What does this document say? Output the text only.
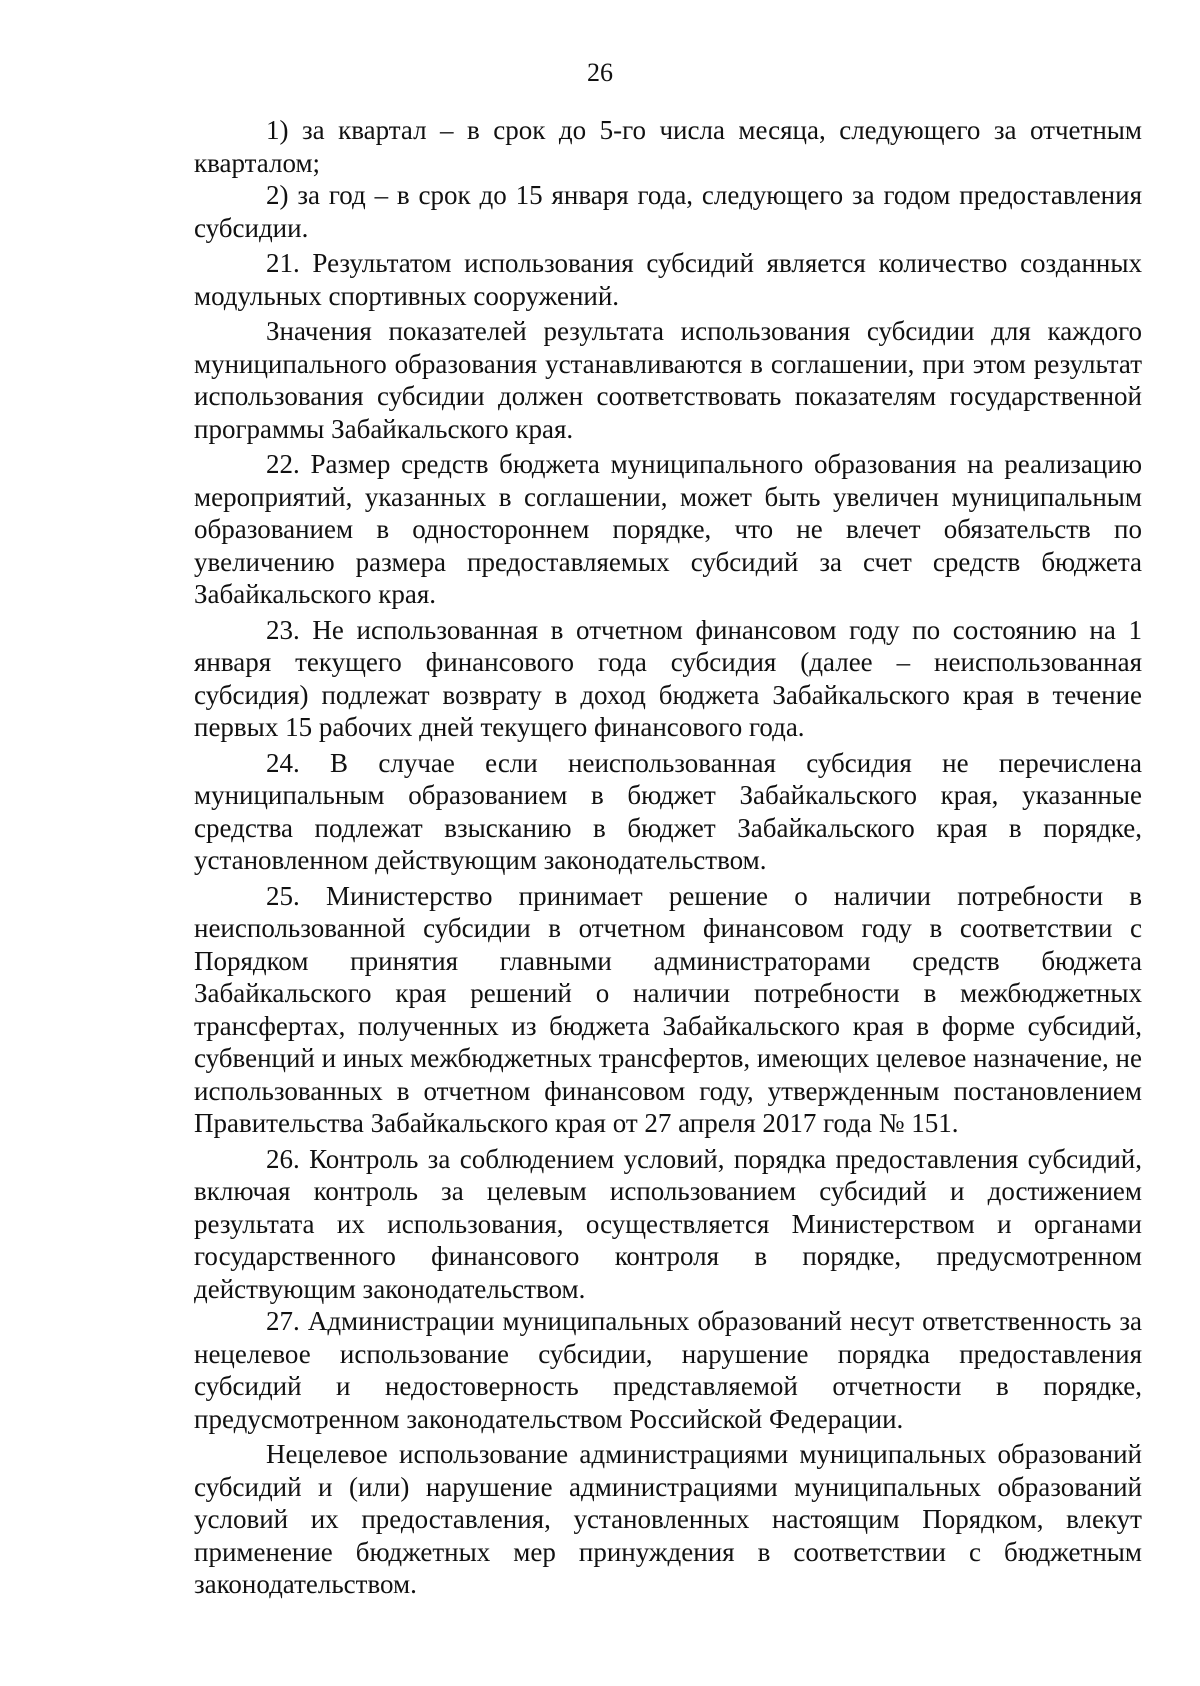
26

1) за квартал – в срок до 5-го числа месяца, следующего за отчетным кварталом;

2) за год – в срок до 15 января года, следующего за годом предоставления субсидии.

21. Результатом использования субсидий является количество созданных модульных спортивных сооружений.

Значения показателей результата использования субсидии для каждого муниципального образования устанавливаются в соглашении, при этом результат использования субсидии должен соответствовать показателям государственной программы Забайкальского края.

22. Размер средств бюджета муниципального образования на реализацию мероприятий, указанных в соглашении, может быть увеличен муниципальным образованием в одностороннем порядке, что не влечет обязательств по увеличению размера предоставляемых субсидий за счет средств бюджета Забайкальского края.

23. Не использованная в отчетном финансовом году по состоянию на 1 января текущего финансового года субсидия (далее – неиспользованная субсидия) подлежат возврату в доход бюджета Забайкальского края в течение первых 15 рабочих дней текущего финансового года.

24. В случае если неиспользованная субсидия не перечислена муниципальным образованием в бюджет Забайкальского края, указанные средства подлежат взысканию в бюджет Забайкальского края в порядке, установленном действующим законодательством.

25. Министерство принимает решение о наличии потребности в неиспользованной субсидии в отчетном финансовом году в соответствии с Порядком принятия главными администраторами средств бюджета Забайкальского края решений о наличии потребности в межбюджетных трансфертах, полученных из бюджета Забайкальского края в форме субсидий, субвенций и иных межбюджетных трансфертов, имеющих целевое назначение, не использованных в отчетном финансовом году, утвержденным постановлением Правительства Забайкальского края от 27 апреля 2017 года № 151.

26. Контроль за соблюдением условий, порядка предоставления субсидий, включая контроль за целевым использованием субсидий и достижением результата их использования, осуществляется Министерством и органами государственного финансового контроля в порядке, предусмотренном действующим законодательством.

27. Администрации муниципальных образований несут ответственность за нецелевое использование субсидии, нарушение порядка предоставления субсидий и недостоверность представляемой отчетности в порядке, предусмотренном законодательством Российской Федерации.

Нецелевое использование администрациями муниципальных образований субсидий и (или) нарушение администрациями муниципальных образований условий их предоставления, установленных настоящим Порядком, влекут применение бюджетных мер принуждения в соответствии с бюджетным законодательством.
